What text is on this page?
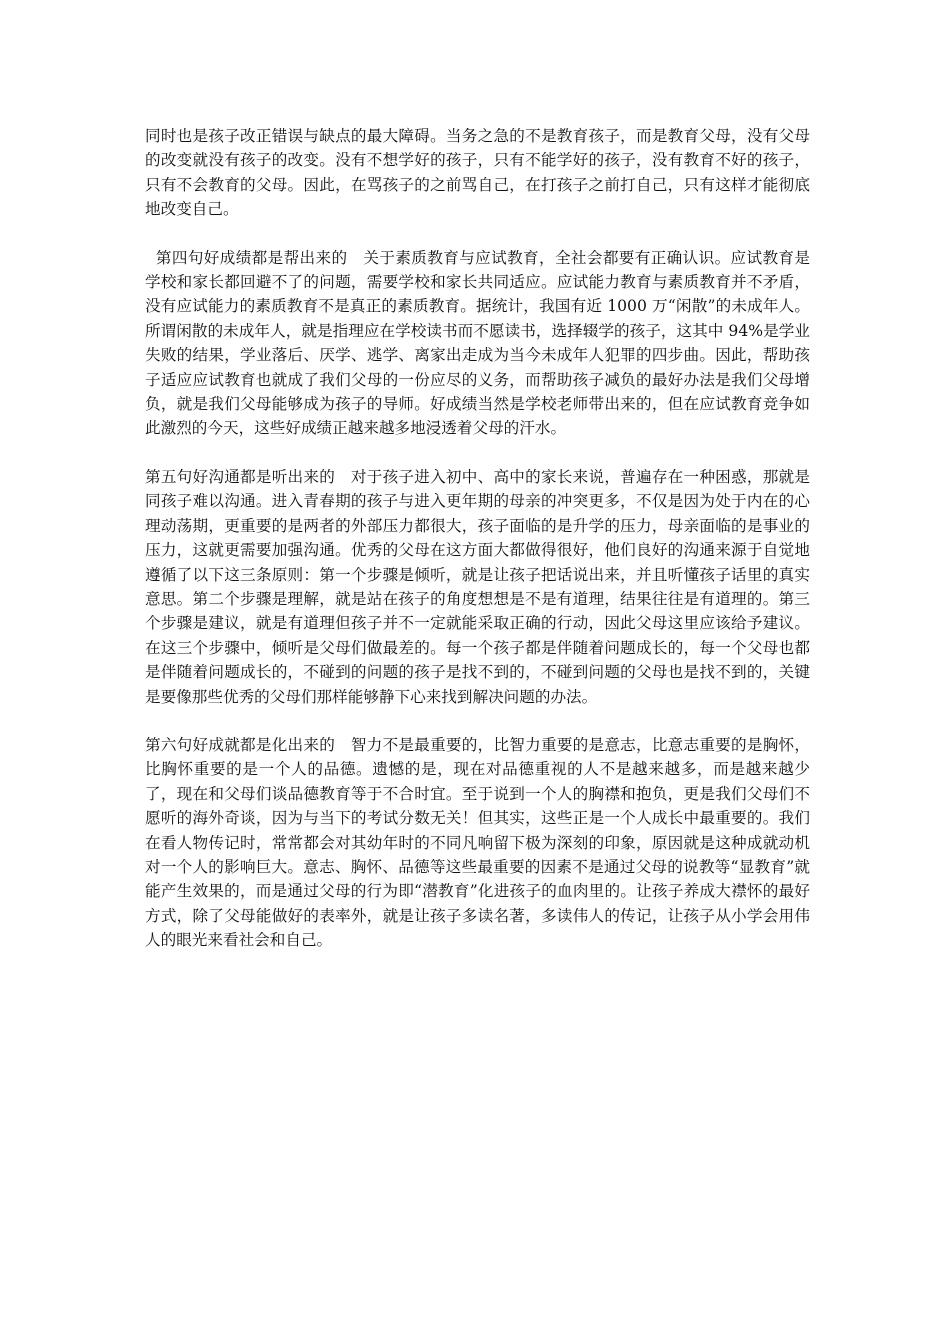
同时也是孩子改正错误与缺点的最大障碍。当务之急的不是教育孩子，而是教育父母，没有父母的改变就没有孩子的改变。没有不想学好的孩子，只有不能学好的孩子，没有教育不好的孩子，只有不会教育的父母。因此，在骂孩子的之前骂自己，在打孩子之前打自己，只有这样才能彻底地改变自己。

第四句好成绩都是帮出来的　 关于素质教育与应试教育，全社会都要有正确认识。应试教育是学校和家长都回避不了的问题，需要学校和家长共同适应。应试能力教育与素质教育并不矛盾，没有应试能力的素质教育不是真正的素质教育。据统计，我国有近 1000 万“闲散”的未成年人。所谓闲散的未成年人，就是指理应在学校读书而不愿读书，选择辍学的孩子，这其中 94%是学业失败的结果，学业落后、厌学、逃学、离家出走成为当今未成年人犯罪的四步曲。因此，帮助孩子适应应试教育也就成了我们父母的一份应尽的义务，而帮助孩子减负的最好办法是我们父母增负，就是我们父母能够成为孩子的导师。好成绩当然是学校老师带出来的，但在应试教育竞争如此激烈的今天，这些好成绩正越来越多地浸透着父母的汗水。

第五句好沟通都是听出来的　 对于孩子进入初中、高中的家长来说，普遍存在一种困惑，那就是同孩子难以沟通。进入青春期的孩子与进入更年期的母亲的冲突更多，不仅是因为处于内在的心理动荡期，更重要的是两者的外部压力都很大，孩子面临的是升学的压力，母亲面临的是事业的压力，这就更需要加强沟通。优秀的父母在这方面大都做得很好，他们良好的沟通来源于自觉地遵循了以下这三条原则：第一个步骤是倾听，就是让孩子把话说出来，并且听懂孩子话里的真实意思。第二个步骤是理解，就是站在孩子的角度想想是不是有道理，结果往往是有道理的。第三个步骤是建议，就是有道理但孩子并不一定就能采取正确的行动，因此父母这里应该给予建议。在这三个步骤中，倾听是父母们做最差的。每一个孩子都是伴随着问题成长的，每一个父母也都是伴随着问题成长的，不碰到的问题的孩子是找不到的，不碰到问题的父母也是找不到的，关键是要像那些优秀的父母们那样能够静下心来找到解决问题的办法。

第六句好成就都是化出来的　 智力不是最重要的，比智力重要的是意志，比意志重要的是胸怀，比胸怀重要的是一个人的品德。遗憾的是，现在对品德重视的人不是越来越多，而是越来越少了，现在和父母们谈品德教育等于不合时宜。至于说到一个人的胸襟和抱负，更是我们父母们不愿听的海外奇谈，因为与当下的考试分数无关！但其实，这些正是一个人成长中最重要的。我们在看人物传记时，常常都会对其幼年时的不同凡响留下极为深刻的印象，原因就是这种成就动机对一个人的影响巨大。意志、胸怀、品德等这些最重要的因素不是通过父母的说教等“显教育”就能产生效果的，而是通过父母的行为即“潜教育”化进孩子的血肉里的。让孩子养成大襟怀的最好方式，除了父母能做好的表率外，就是让孩子多读名著，多读伟人的传记，让孩子从小学会用伟人的眼光来看社会和自己。
